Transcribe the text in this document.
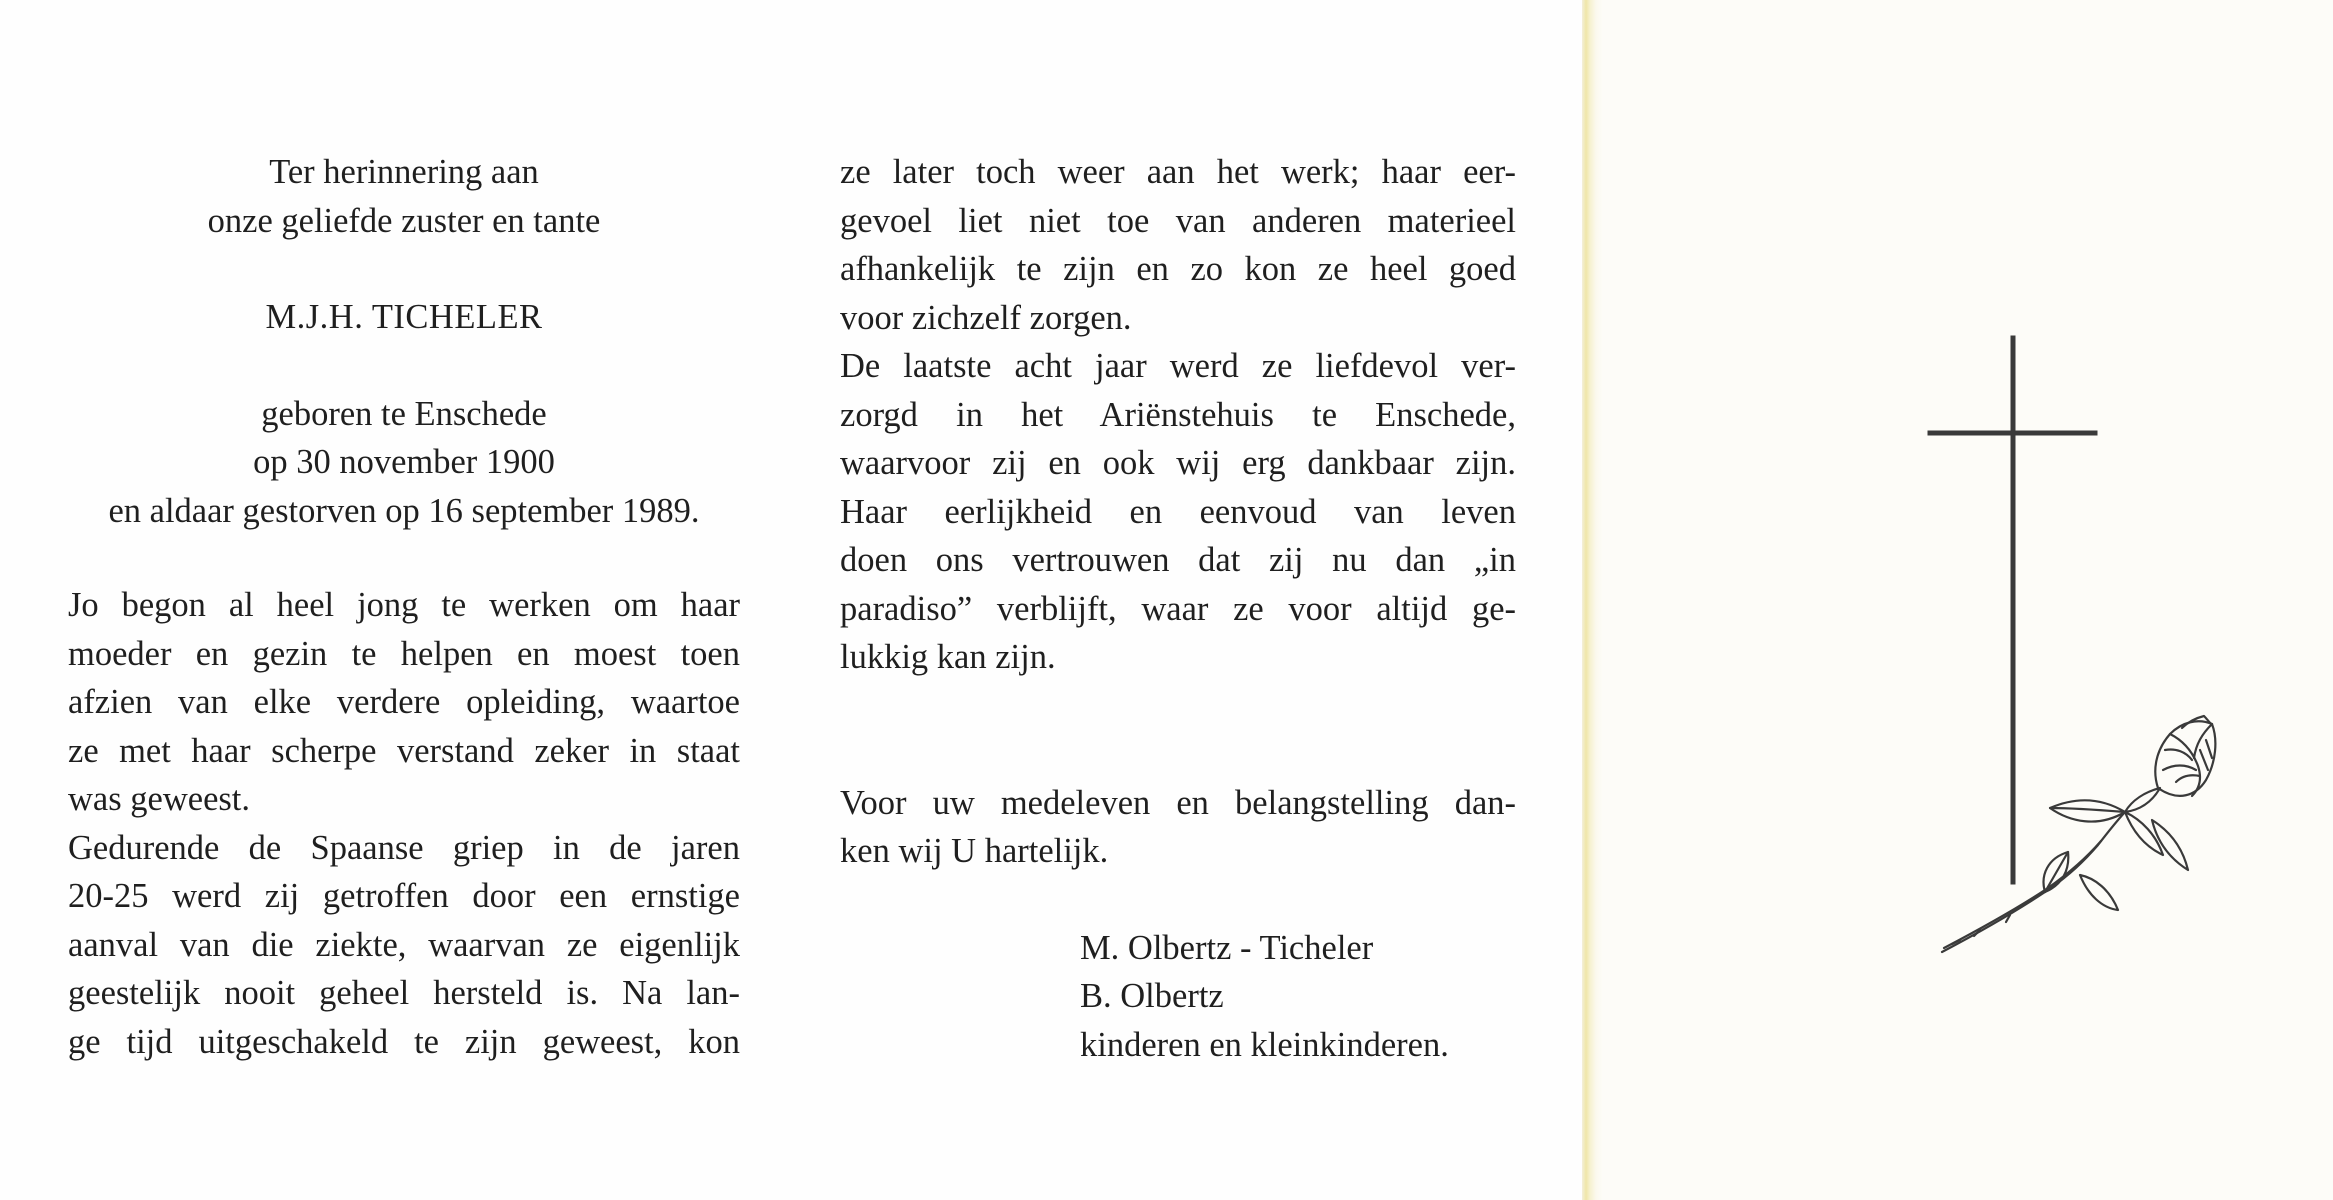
Ter herinnering aan
onze geliefde zuster en tante
M.J.H. TICHELER
geboren te Enschede
op 30 november 1900
en aldaar gestorven op 16 september 1989.
Jo begon al heel jong te werken om haar
moeder en gezin te helpen en moest toen
afzien van elke verdere opleiding, waartoe
ze met haar scherpe verstand zeker in staat
was geweest.
Gedurende de Spaanse griep in de jaren
20-25 werd zij getroffen door een ernstige
aanval van die ziekte, waarvan ze eigenlijk
geestelijk nooit geheel hersteld is. Na lan-
ge tijd uitgeschakeld te zijn geweest, kon
ze later toch weer aan het werk; haar eer-
gevoel liet niet toe van anderen materieel
afhankelijk te zijn en zo kon ze heel goed
voor zichzelf zorgen.
De laatste acht jaar werd ze liefdevol ver-
zorgd in het Ariënstehuis te Enschede,
waarvoor zij en ook wij erg dankbaar zijn.
Haar eerlijkheid en eenvoud van leven
doen ons vertrouwen dat zij nu dan „in
paradiso” verblijft, waar ze voor altijd ge-
lukkig kan zijn.
Voor uw medeleven en belangstelling dan-
ken wij U hartelijk.
M. Olbertz - Ticheler
B. Olbertz
kinderen en kleinkinderen.
